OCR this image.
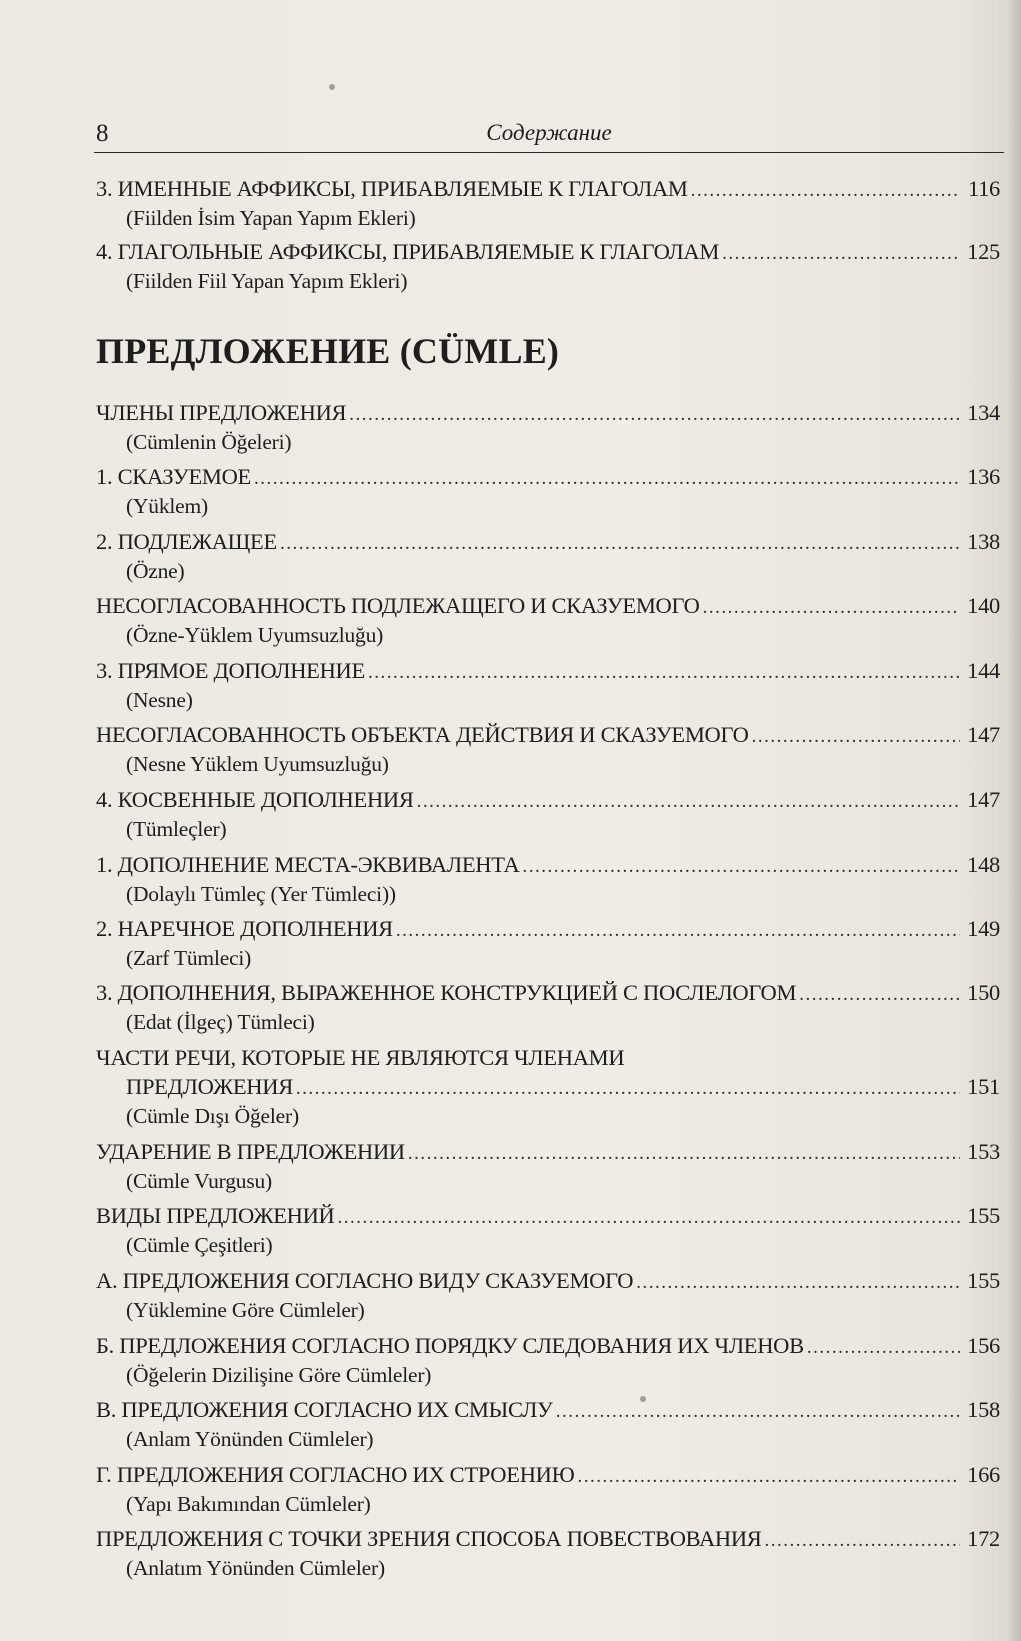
8	Содержание
3. ИМЕННЫЕ АФФИКСЫ, ПРИБАВЛЯЕМЫЕ К ГЛАГОЛАМ .....	116
(Fiilden İsim Yapan Yapım Ekleri)
4. ГЛАГОЛЬНЫЕ АФФИКСЫ, ПРИБАВЛЯЕМЫЕ К ГЛАГОЛАМ .....	125
(Fiilden Fiil Yapan Yapım Ekleri)
ЧЛЕНЫ ПРЕДЛОЖЕНИЯ .....	134
(Cümlenin Öğeleri)
1. СКАЗУЕМОЕ .....	136
(Yüklem)
2. ПОДЛЕЖАЩЕЕ .....	138
(Özne)
НЕСОГЛАСОВАННОСТЬ ПОДЛЕЖАЩЕГО И СКАЗУЕМОГО .....	140
(Özne-Yüklem Uyumsuzluğu)
3. ПРЯМОЕ ДОПОЛНЕНИЕ .....	144
(Nesne)
НЕСОГЛАСОВАННОСТЬ ОБЪЕКТА ДЕЙСТВИЯ И СКАЗУЕМОГО .....	147
(Nesne Yüklem Uyumsuzluğu)
4. КОСВЕННЫЕ ДОПОЛНЕНИЯ .....	147
(Tümleçler)
1. ДОПОЛНЕНИЕ МЕСТА-ЭКВИВАЛЕНТА .....	148
(Dolaylı Tümleç (Yer Tümleci))
2. НАРЕЧНОЕ ДОПОЛНЕНИЯ .....	149
(Zarf Tümleci)
3. ДОПОЛНЕНИЯ, ВЫРАЖЕННОЕ КОНСТРУКЦИЕЙ С ПОСЛЕЛОГОМ .....	150
(Edat (İlgeç) Tümleci)
ЧАСТИ РЕЧИ, КОТОРЫЕ НЕ ЯВЛЯЮТСЯ ЧЛЕНАМИ
ПРЕДЛОЖЕНИЯ .....	151
(Cümle Dışı Öğeler)
УДАРЕНИЕ В ПРЕДЛОЖЕНИИ .....	153
(Cümle Vurgusu)
ВИДЫ ПРЕДЛОЖЕНИЙ .....	155
(Cümle Çeşitleri)
А. ПРЕДЛОЖЕНИЯ СОГЛАСНО ВИДУ СКАЗУЕМОГО .....	155
(Yüklemine Göre Cümleler)
Б. ПРЕДЛОЖЕНИЯ СОГЛАСНО ПОРЯДКУ СЛЕДОВАНИЯ ИХ ЧЛЕНОВ .....	156
(Öğelerin Dizilişine Göre Cümleler)
В. ПРЕДЛОЖЕНИЯ СОГЛАСНО ИХ СМЫСЛУ .....	158
(Anlam Yönünden Cümleler)
Г. ПРЕДЛОЖЕНИЯ СОГЛАСНО ИХ СТРОЕНИЮ .....	166
(Yapı Bakımından Cümleler)
ПРЕДЛОЖЕНИЯ С ТОЧКИ ЗРЕНИЯ СПОСОБА ПОВЕСТВОВАНИЯ .....	172
(Anlatım Yönünden Cümleler)
ПРЕДЛОЖЕНИЕ (CÜMLE)
